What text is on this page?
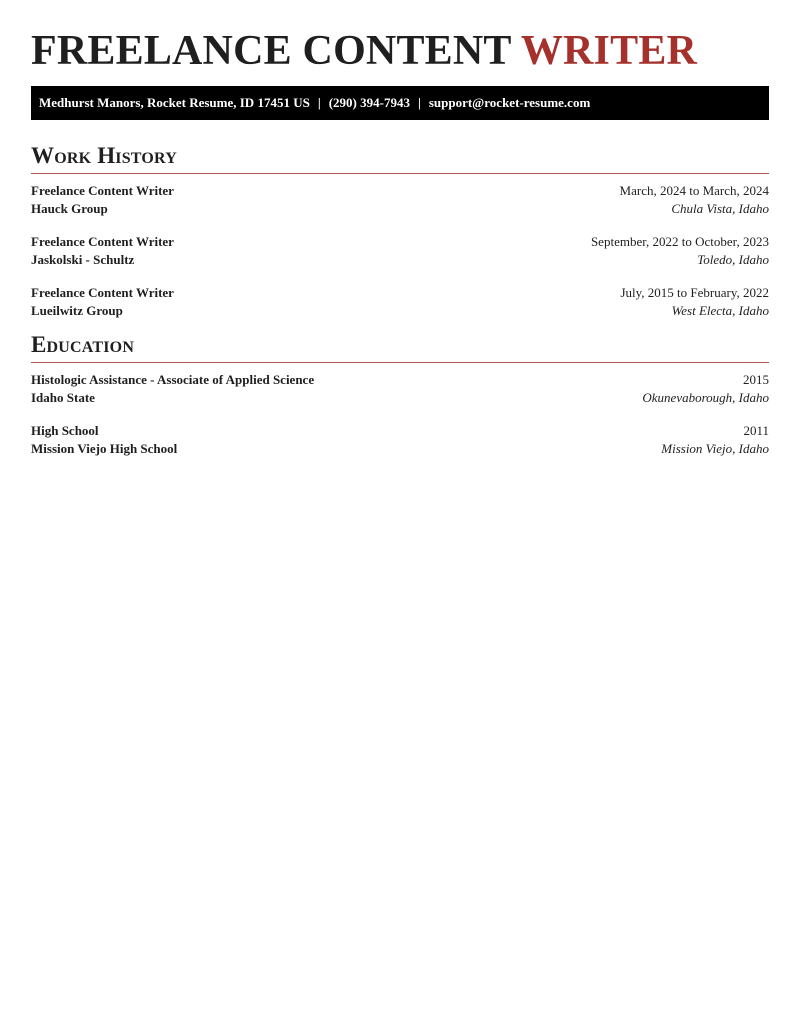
FREELANCE CONTENT WRITER
Medhurst Manors, Rocket Resume, ID 17451 US | (290) 394-7943 | support@rocket-resume.com
Work History
Freelance Content Writer	March, 2024 to March, 2024
Hauck Group	Chula Vista, Idaho
Freelance Content Writer	September, 2022 to October, 2023
Jaskolski - Schultz	Toledo, Idaho
Freelance Content Writer	July, 2015 to February, 2022
Lueilwitz Group	West Electa, Idaho
Education
Histologic Assistance - Associate of Applied Science	2015
Idaho State	Okunevaborough, Idaho
High School	2011
Mission Viejo High School	Mission Viejo, Idaho
